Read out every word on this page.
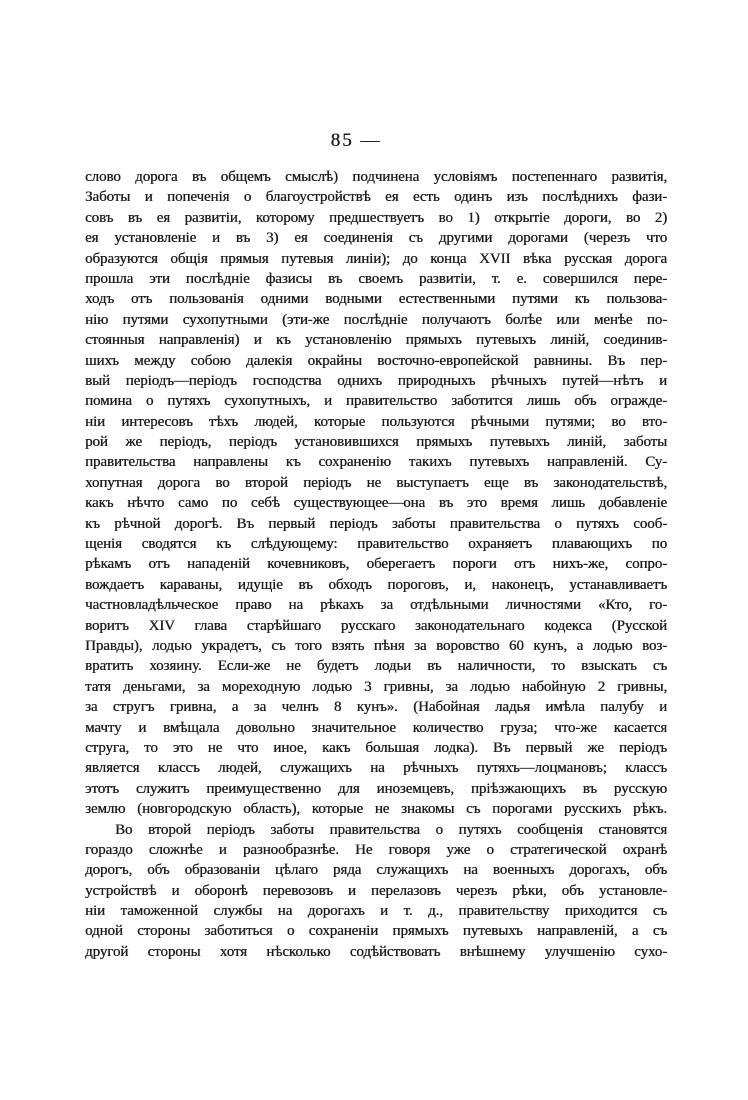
85 —
слово дорога въ общемъ смыслѣ) подчинена условіямъ постепеннаго развитія,
Заботы и попеченія о благоустройствѣ ея есть одинъ изъ послѣднихъ фази-
совъ въ ея развитіи, которому предшествуетъ во 1) открытіе дороги, во 2)
ея установленіе и въ 3) ея соединенія съ другими дорогами (черезъ что
образуются общія прямыя путевыя линіи); до конца XVII вѣка русская дорога
прошла эти послѣдніе фазисы въ своемъ развитіи, т. е. совершился пере-
ходъ отъ пользованія одними водными естественными путями къ пользова-
нію путями сухопутными (эти-же послѣдніе получаютъ болѣе или менѣе по-
стоянныя направленія) и къ установленію прямыхъ путевыхъ линій, соединив-
шихъ между собою далекія окрайны восточно-европейской равнины. Въ пер-
вый періодъ—періодъ господства однихъ природныхъ рѣчныхъ путей—нѣтъ и
помина о путяхъ сухопутныхъ, и правительство заботится лишь объ огражде-
ніи интересовъ тѣхъ людей, которые пользуются рѣчными путями; во вто-
рой же періодъ, періодъ установившихся прямыхъ путевыхъ линій, заботы
правительства направлены къ сохраненію такихъ путевыхъ направленій. Су-
хопутная дорога во второй періодъ не выступаетъ еще въ законодательствѣ,
какъ нѣчто само по себѣ существующее—она въ это время лишь добавленіе
къ рѣчной дорогѣ. Въ первый періодъ заботы правительства о путяхъ сооб-
щенія сводятся къ слѣдующему: правительство охраняетъ плавающихъ по
рѣкамъ отъ нападеній кочевниковъ, оберегаетъ пороги отъ нихъ-же, сопро-
вождаетъ караваны, идущіе въ обходъ пороговъ, и, наконецъ, устанавливаетъ
частновладѣльческое право на рѣкахъ за отдѣльными личностями «Кто, го-
воритъ XIV глава старѣйшаго русскаго законодательнаго кодекса (Русской
Правды), лодью украдетъ, съ того взять пѣня за воровство 60 кунъ, а лодью воз-
вратить хозяину. Если-же не будетъ лодьи въ наличности, то взыскать съ
татя деньгами, за мореходную лодью 3 гривны, за лодью набойную 2 гривны,
за стругъ гривна, а за челнъ 8 кунъ». (Набойная ладья имѣла палубу и
мачту и вмѣщала довольно значительное количество груза; что-же касается
струга, то это не что иное, какъ большая лодка). Въ первый же періодъ
является классъ людей, служащихъ на рѣчныхъ путяхъ—лоцмановъ; классъ
этотъ служитъ преимущественно для иноземцевъ, пріѣзжающихъ въ русскую
землю (новгородскую область), которые не знакомы съ порогами русскихъ рѣкъ.
Во второй періодъ заботы правительства о путяхъ сообщенія становятся
гораздо сложнѣе и разнообразнѣе. Не говоря уже о стратегической охранѣ
дорогъ, объ образованіи цѣлаго ряда служащихъ на военныхъ дорогахъ, объ
устройствѣ и оборонѣ перевозовъ и перелазовъ черезъ рѣки, объ установле-
ніи таможенной службы на дорогахъ и т. д., правительству приходится съ
одной стороны заботиться о сохраненіи прямыхъ путевыхъ направленій, а съ
другой стороны хотя нѣсколько содѣйствовать внѣшнему улучшенію сухо-
